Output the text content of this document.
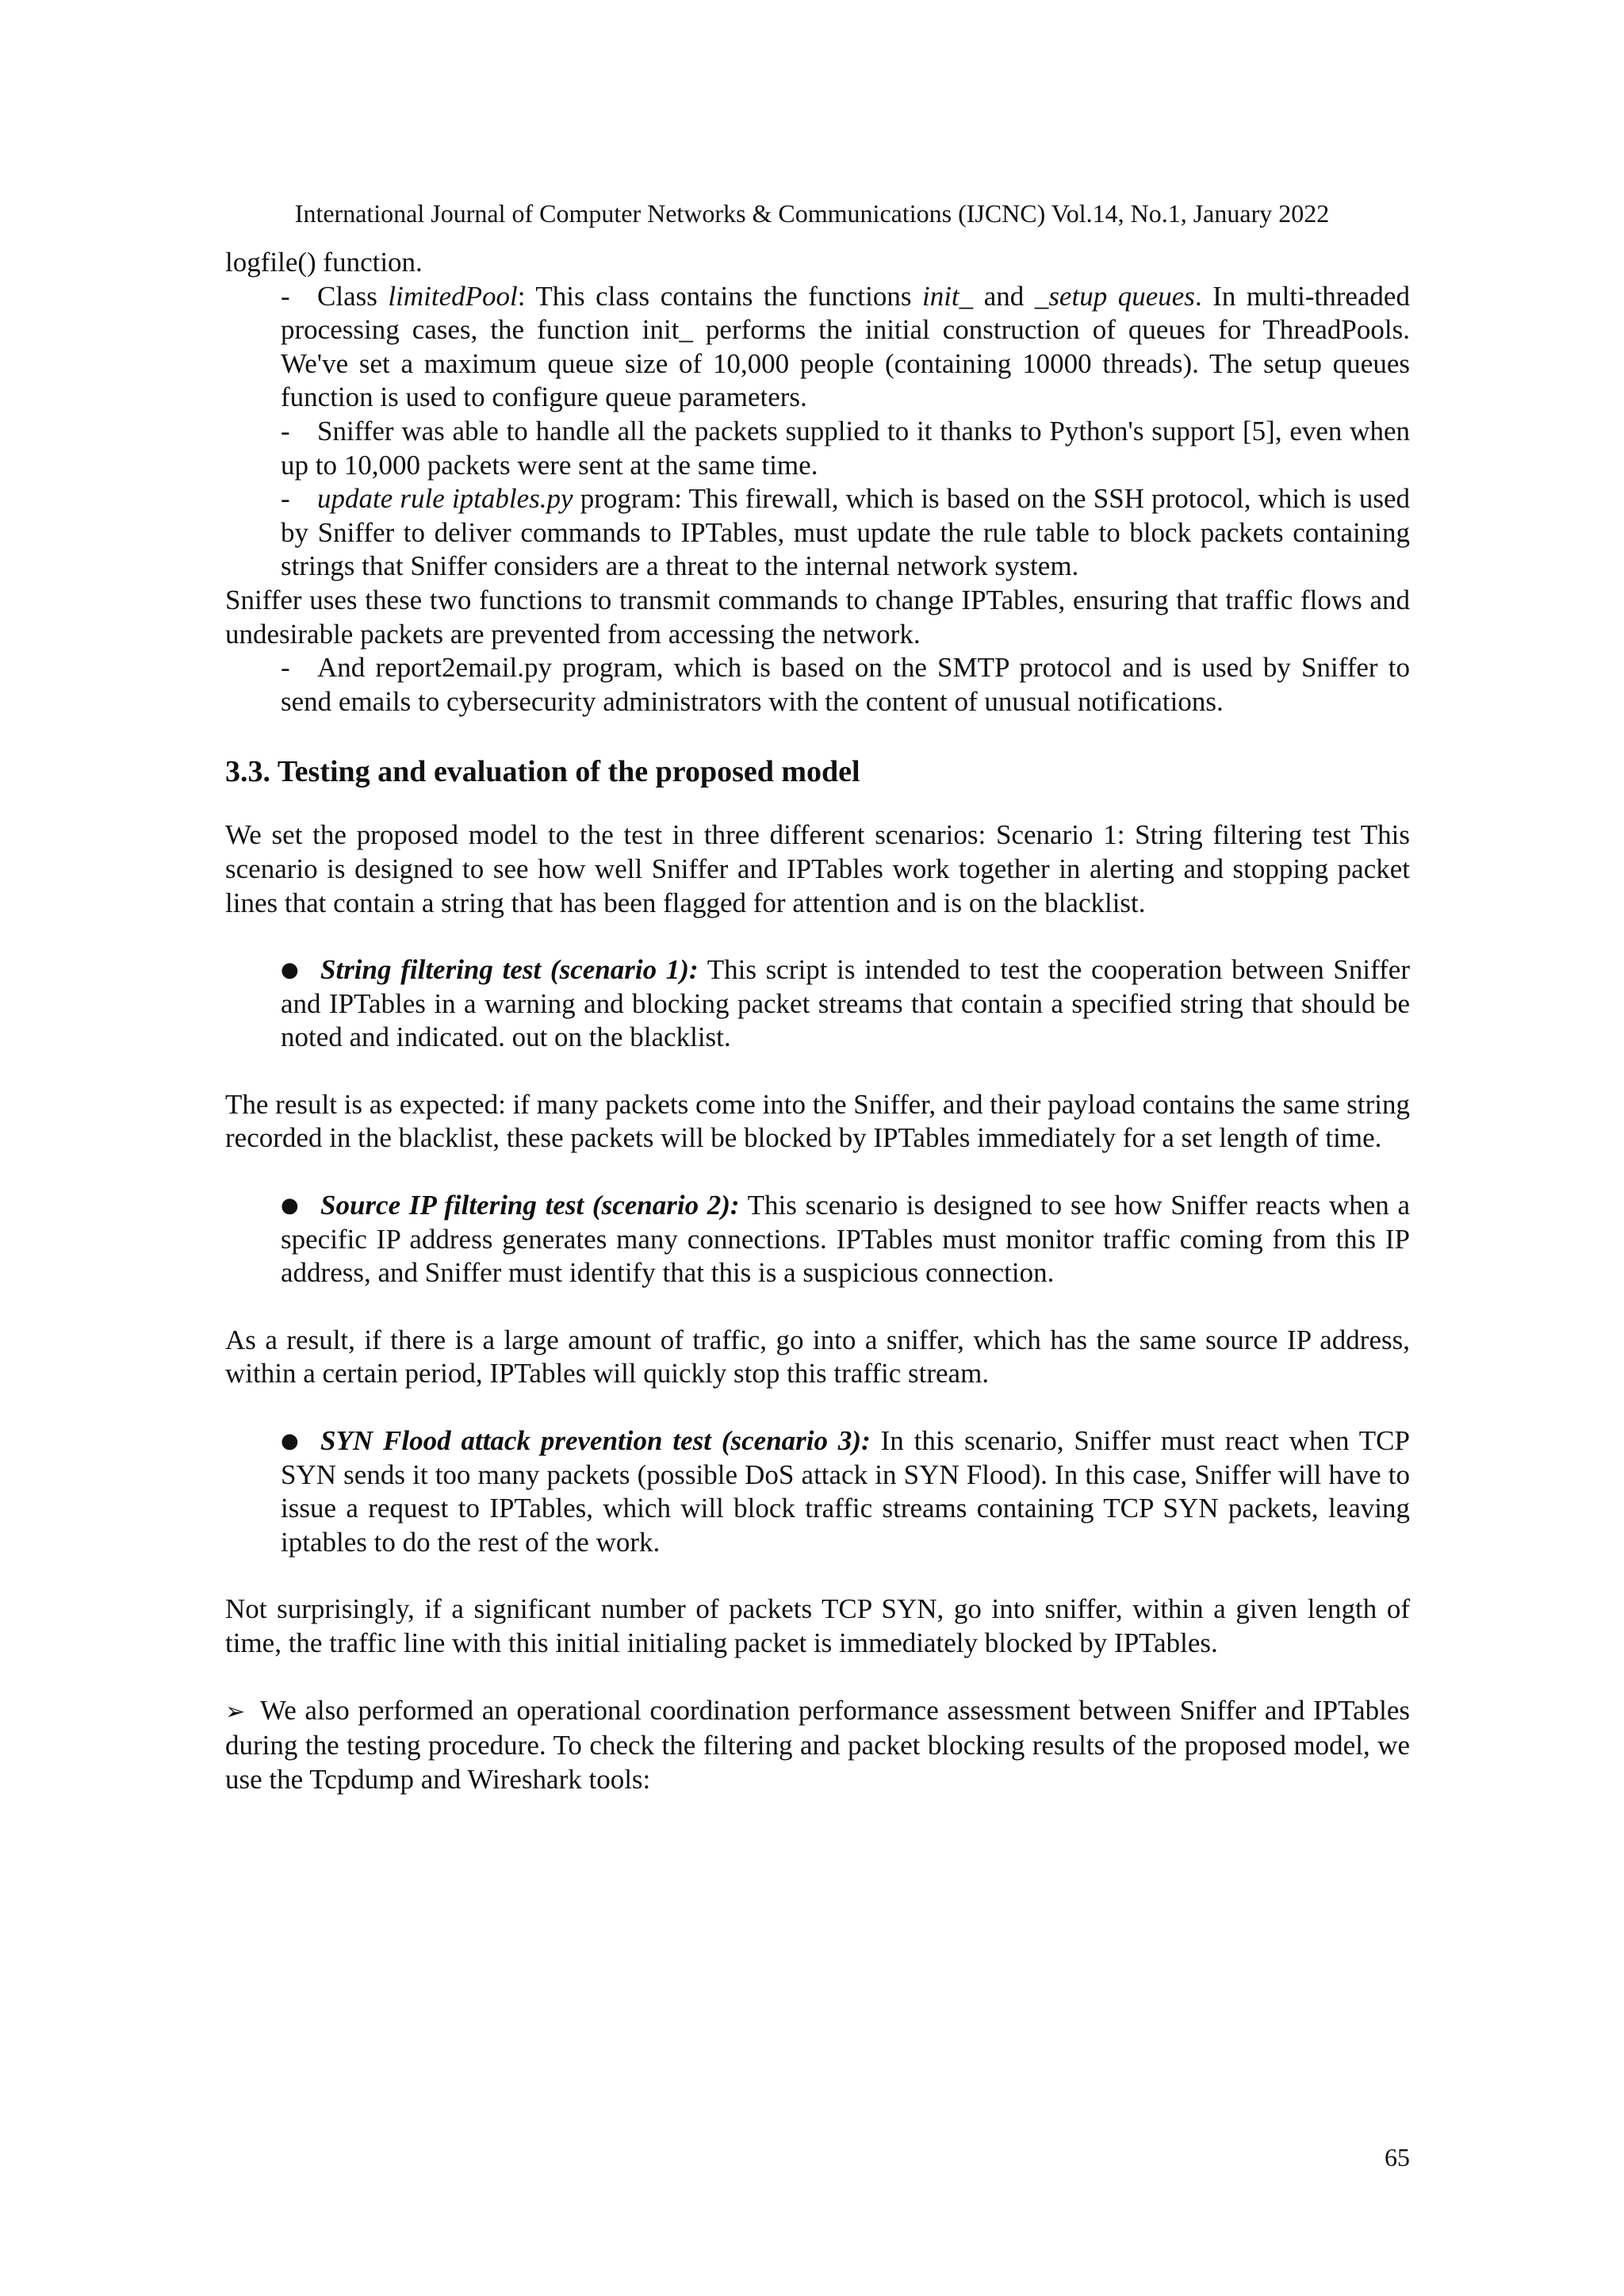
International Journal of Computer Networks & Communications (IJCNC) Vol.14, No.1, January 2022

logfile() function.

- Class limitedPool: This class contains the functions init_ and _setup queues. In multi-threaded processing cases, the function init_ performs the initial construction of queues for ThreadPools. We've set a maximum queue size of 10,000 people (containing 10000 threads). The setup queues function is used to configure queue parameters.

- Sniffer was able to handle all the packets supplied to it thanks to Python's support [5], even when up to 10,000 packets were sent at the same time.

- update rule iptables.py program: This firewall, which is based on the SSH protocol, which is used by Sniffer to deliver commands to IPTables, must update the rule table to block packets containing strings that Sniffer considers are a threat to the internal network system.

Sniffer uses these two functions to transmit commands to change IPTables, ensuring that traffic flows and undesirable packets are prevented from accessing the network.

- And report2email.py program, which is based on the SMTP protocol and is used by Sniffer to send emails to cybersecurity administrators with the content of unusual notifications.

3.3. Testing and evaluation of the proposed model

We set the proposed model to the test in three different scenarios: Scenario 1: String filtering test This scenario is designed to see how well Sniffer and IPTables work together in alerting and stopping packet lines that contain a string that has been flagged for attention and is on the blacklist.

● String filtering test (scenario 1): This script is intended to test the cooperation between Sniffer and IPTables in a warning and blocking packet streams that contain a specified string that should be noted and indicated. out on the blacklist.

The result is as expected: if many packets come into the Sniffer, and their payload contains the same string recorded in the blacklist, these packets will be blocked by IPTables immediately for a set length of time.

● Source IP filtering test (scenario 2): This scenario is designed to see how Sniffer reacts when a specific IP address generates many connections. IPTables must monitor traffic coming from this IP address, and Sniffer must identify that this is a suspicious connection.

As a result, if there is a large amount of traffic, go into a sniffer, which has the same source IP address, within a certain period, IPTables will quickly stop this traffic stream.

● SYN Flood attack prevention test (scenario 3): In this scenario, Sniffer must react when TCP SYN sends it too many packets (possible DoS attack in SYN Flood). In this case, Sniffer will have to issue a request to IPTables, which will block traffic streams containing TCP SYN packets, leaving iptables to do the rest of the work.

Not surprisingly, if a significant number of packets TCP SYN, go into sniffer, within a given length of time, the traffic line with this initial initialing packet is immediately blocked by IPTables.

➢ We also performed an operational coordination performance assessment between Sniffer and IPTables during the testing procedure. To check the filtering and packet blocking results of the proposed model, we use the Tcpdump and Wireshark tools:

65
